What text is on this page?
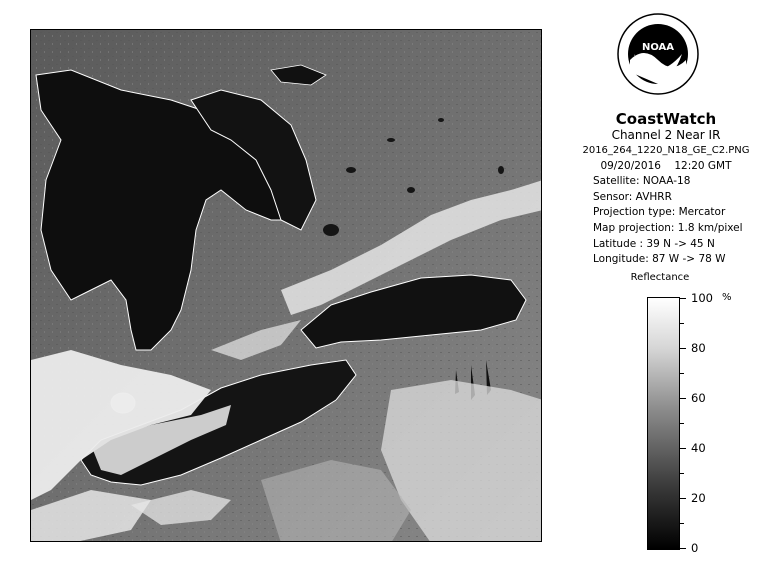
NOAA
CoastWatch
Channel 2 Near IR
2016_264_1220_N18_GE_C2.PNG
09/20/2016 12:20 GMT
Satellite: NOAA-18
Sensor: AVHRR
Projection type: Mercator
Map projection: 1.8 km/pixel
Latitude : 39 N -> 45 N
Longitude: 87 W -> 78 W
Reflectance
%
100
80
60
40
20
0
